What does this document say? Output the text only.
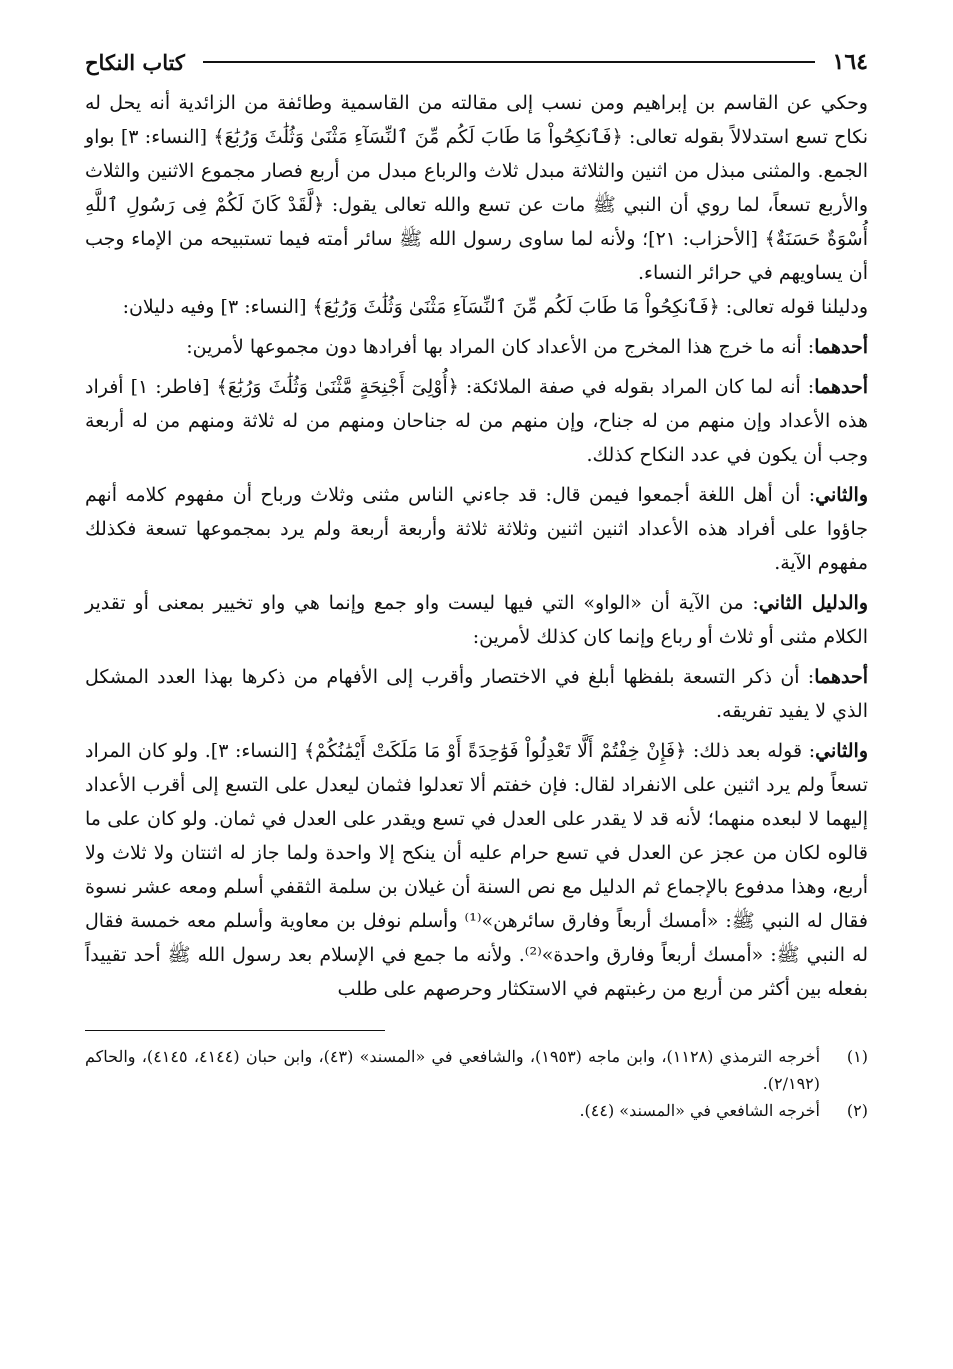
١٦٤
كتاب النكاح

وحكي عن القاسم بن إبراهيم ومن نسب إلى مقالته من القاسمية وطائفة من الزائدية أنه يحل له نكاح تسع استدلالاً بقوله تعالى: ﴿فَٱنكِحُواْ مَا طَابَ لَكُم مِّنَ ٱلنِّسَآءِ مَثْنَىٰ وَثُلَٰثَ وَرُبَٰعَ﴾ [النساء: ٣] بواو الجمع. والمثنى مبذل من اثنين والثلاثة مبدل ثلاث والرباع مبدل من أربع فصار مجموع الاثنين والثلاث والأربع تسعاً، لما روي أن النبي ﷺ مات عن تسع والله تعالى يقول: ﴿لَّقَدْ كَانَ لَكُمْ فِى رَسُولِ ٱللَّهِ أُسْوَةٌ حَسَنَةٌ﴾ [الأحزاب: ٢١]؛ ولأنه لما ساوى رسول الله ﷺ سائر أمته فيما تستبيحه من الإماء وجب أن يساويهم في حرائر النساء.

ودليلنا قوله تعالى: ﴿فَٱنكِحُواْ مَا طَابَ لَكُم مِّنَ ٱلنِّسَآءِ مَثْنَىٰ وَثُلَٰثَ وَرُبَٰعَ﴾ [النساء: ٣] وفيه دليلان:

أحدهما: أنه ما خرج هذا المخرج من الأعداد كان المراد بها أفرادها دون مجموعها لأمرين:

أحدهما: أنه لما كان المراد بقوله في صفة الملائكة: ﴿أُوْلِىٓ أَجْنِحَةٍ مَّثْنَىٰ وَثُلَٰثَ وَرُبَٰعَ﴾ [فاطر: ١] أفراد هذه الأعداد وإن منهم من له جناح، وإن منهم من له جناحان ومنهم من له ثلاثة ومنهم من له أربعة وجب أن يكون في عدد النكاح كذلك.

والثاني: أن أهل اللغة أجمعوا فيمن قال: قد جاءني الناس مثنى وثلاث ورباح أن مفهوم كلامه أنهم جاؤوا على أفراد هذه الأعداد اثنين اثنين وثلاثة ثلاثة وأربعة أربعة ولم يرد بمجموعها تسعة فكذلك مفهوم الآية.

والدليل الثاني: من الآية أن «الواو» التي فيها ليست واو جمع وإنما هي واو تخيير بمعنى أو تقدير الكلام مثنى أو ثلاث أو رباع وإنما كان كذلك لأمرين:

أحدهما: أن ذكر التسعة بلفظها أبلغ في الاختصار وأقرب إلى الأفهام من ذكرها بهذا العدد المشكل الذي لا يفيد تفريقه.

والثاني: قوله بعد ذلك: ﴿فَإِنْ خِفْتُمْ أَلَّا تَعْدِلُواْ فَوَٰحِدَةً أَوْ مَا مَلَكَتْ أَيْمَٰنُكُمْ﴾ [النساء: ٣]. ولو كان المراد تسعاً ولم يرد اثنين على الانفراد لقال: فإن خفتم ألا تعدلوا فثمان ليعدل على التسع إلى أقرب الأعداد إليهما لا لبعده منهما؛ لأنه قد لا يقدر على العدل في تسع ويقدر على العدل في ثمان. ولو كان على ما قالوه لكان من عجز عن العدل في تسع حرام عليه أن ينكح إلا واحدة ولما جاز له اثنتان ولا ثلاث ولا أربع، وهذا مدفوع بالإجماع ثم الدليل مع نص السنة أن غيلان بن سلمة الثقفي أسلم ومعه عشر نسوة فقال له النبي ﷺ: «أمسك أربعاً وفارق سائرهن»⁽¹⁾ وأسلم نوفل بن معاوية وأسلم معه خمسة فقال له النبي ﷺ: «أمسك أربعاً وفارق واحدة»⁽²⁾. ولأنه ما جمع في الإسلام بعد رسول الله ﷺ أحد تقييداً بفعله بين أكثر من أربع من رغبتهم في الاستكثار وحرصهم على طلب

(١)
أخرجه الترمذي (١١٢٨)، وابن ماجه (١٩٥٣)، والشافعي في «المسند» (٤٣)، وابن حبان (٤١٤٤، ٤١٤٥)، والحاكم (٢/١٩٢).
(٢)
أخرجه الشافعي في «المسند» (٤٤).
